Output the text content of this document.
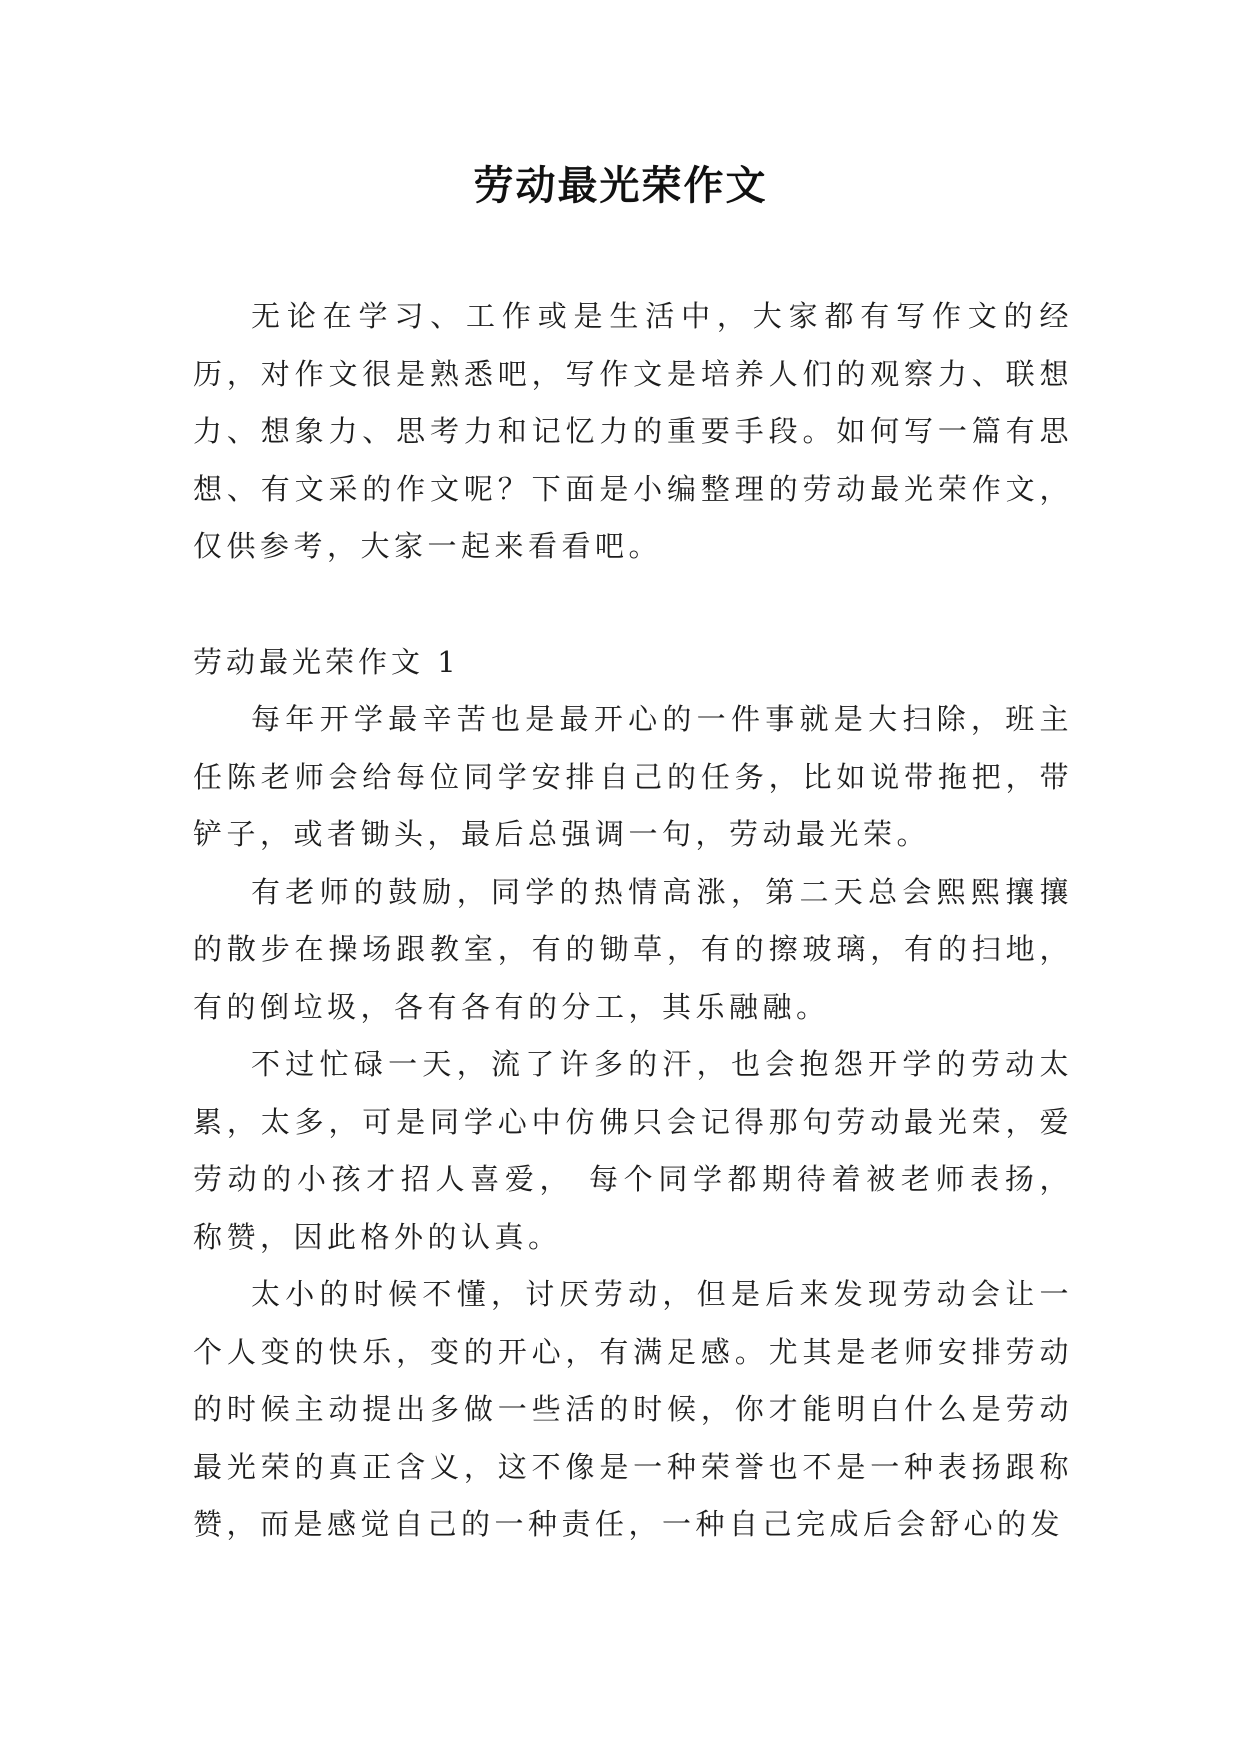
劳动最光荣作文

无论在学习、工作或是生活中，大家都有写作文的经历，对作文很是熟悉吧，写作文是培养人们的观察力、联想力、想象力、思考力和记忆力的重要手段。如何写一篇有思想、有文采的作文呢？下面是小编整理的劳动最光荣作文，仅供参考，大家一起来看看吧。

劳动最光荣作文 1

每年开学最辛苦也是最开心的一件事就是大扫除，班主任陈老师会给每位同学安排自己的任务，比如说带拖把，带铲子，或者锄头，最后总强调一句，劳动最光荣。

有老师的鼓励，同学的热情高涨，第二天总会熙熙攘攘的散步在操场跟教室，有的锄草，有的擦玻璃，有的扫地，有的倒垃圾，各有各有的分工，其乐融融。

不过忙碌一天，流了许多的汗，也会抱怨开学的劳动太累，太多，可是同学心中仿佛只会记得那句劳动最光荣，爱劳动的小孩才招人喜爱， 每个同学都期待着被老师表扬，称赞，因此格外的认真。

太小的时候不懂，讨厌劳动，但是后来发现劳动会让一个人变的快乐，变的开心，有满足感。尤其是老师安排劳动的时候主动提出多做一些活的时候，你才能明白什么是劳动最光荣的真正含义，这不像是一种荣誉也不是一种表扬跟称赞，而是感觉自己的一种责任，一种自己完成后会舒心的发
